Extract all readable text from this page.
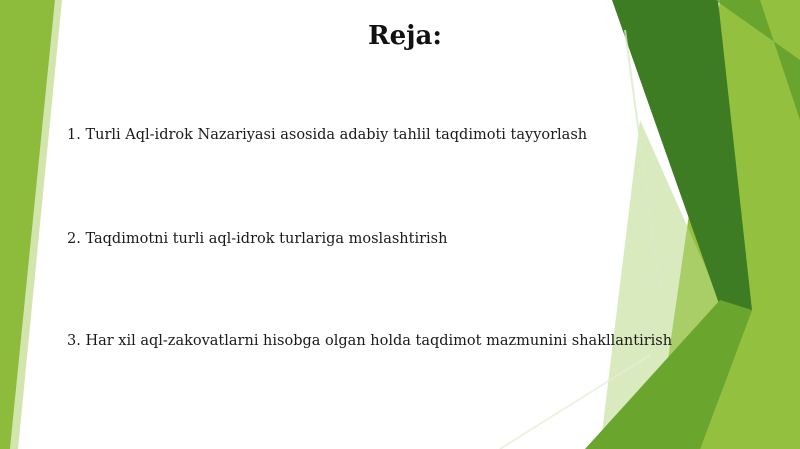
Reja:
1. Turli Aql-idrok Nazariyasi asosida adabiy tahlil taqdimoti tayyorlash
2. Taqdimotni turli aql-idrok turlariga moslashtirish
3. Har xil aql-zakovatlarni hisobga olgan holda taqdimot mazmunini shakllantirish
